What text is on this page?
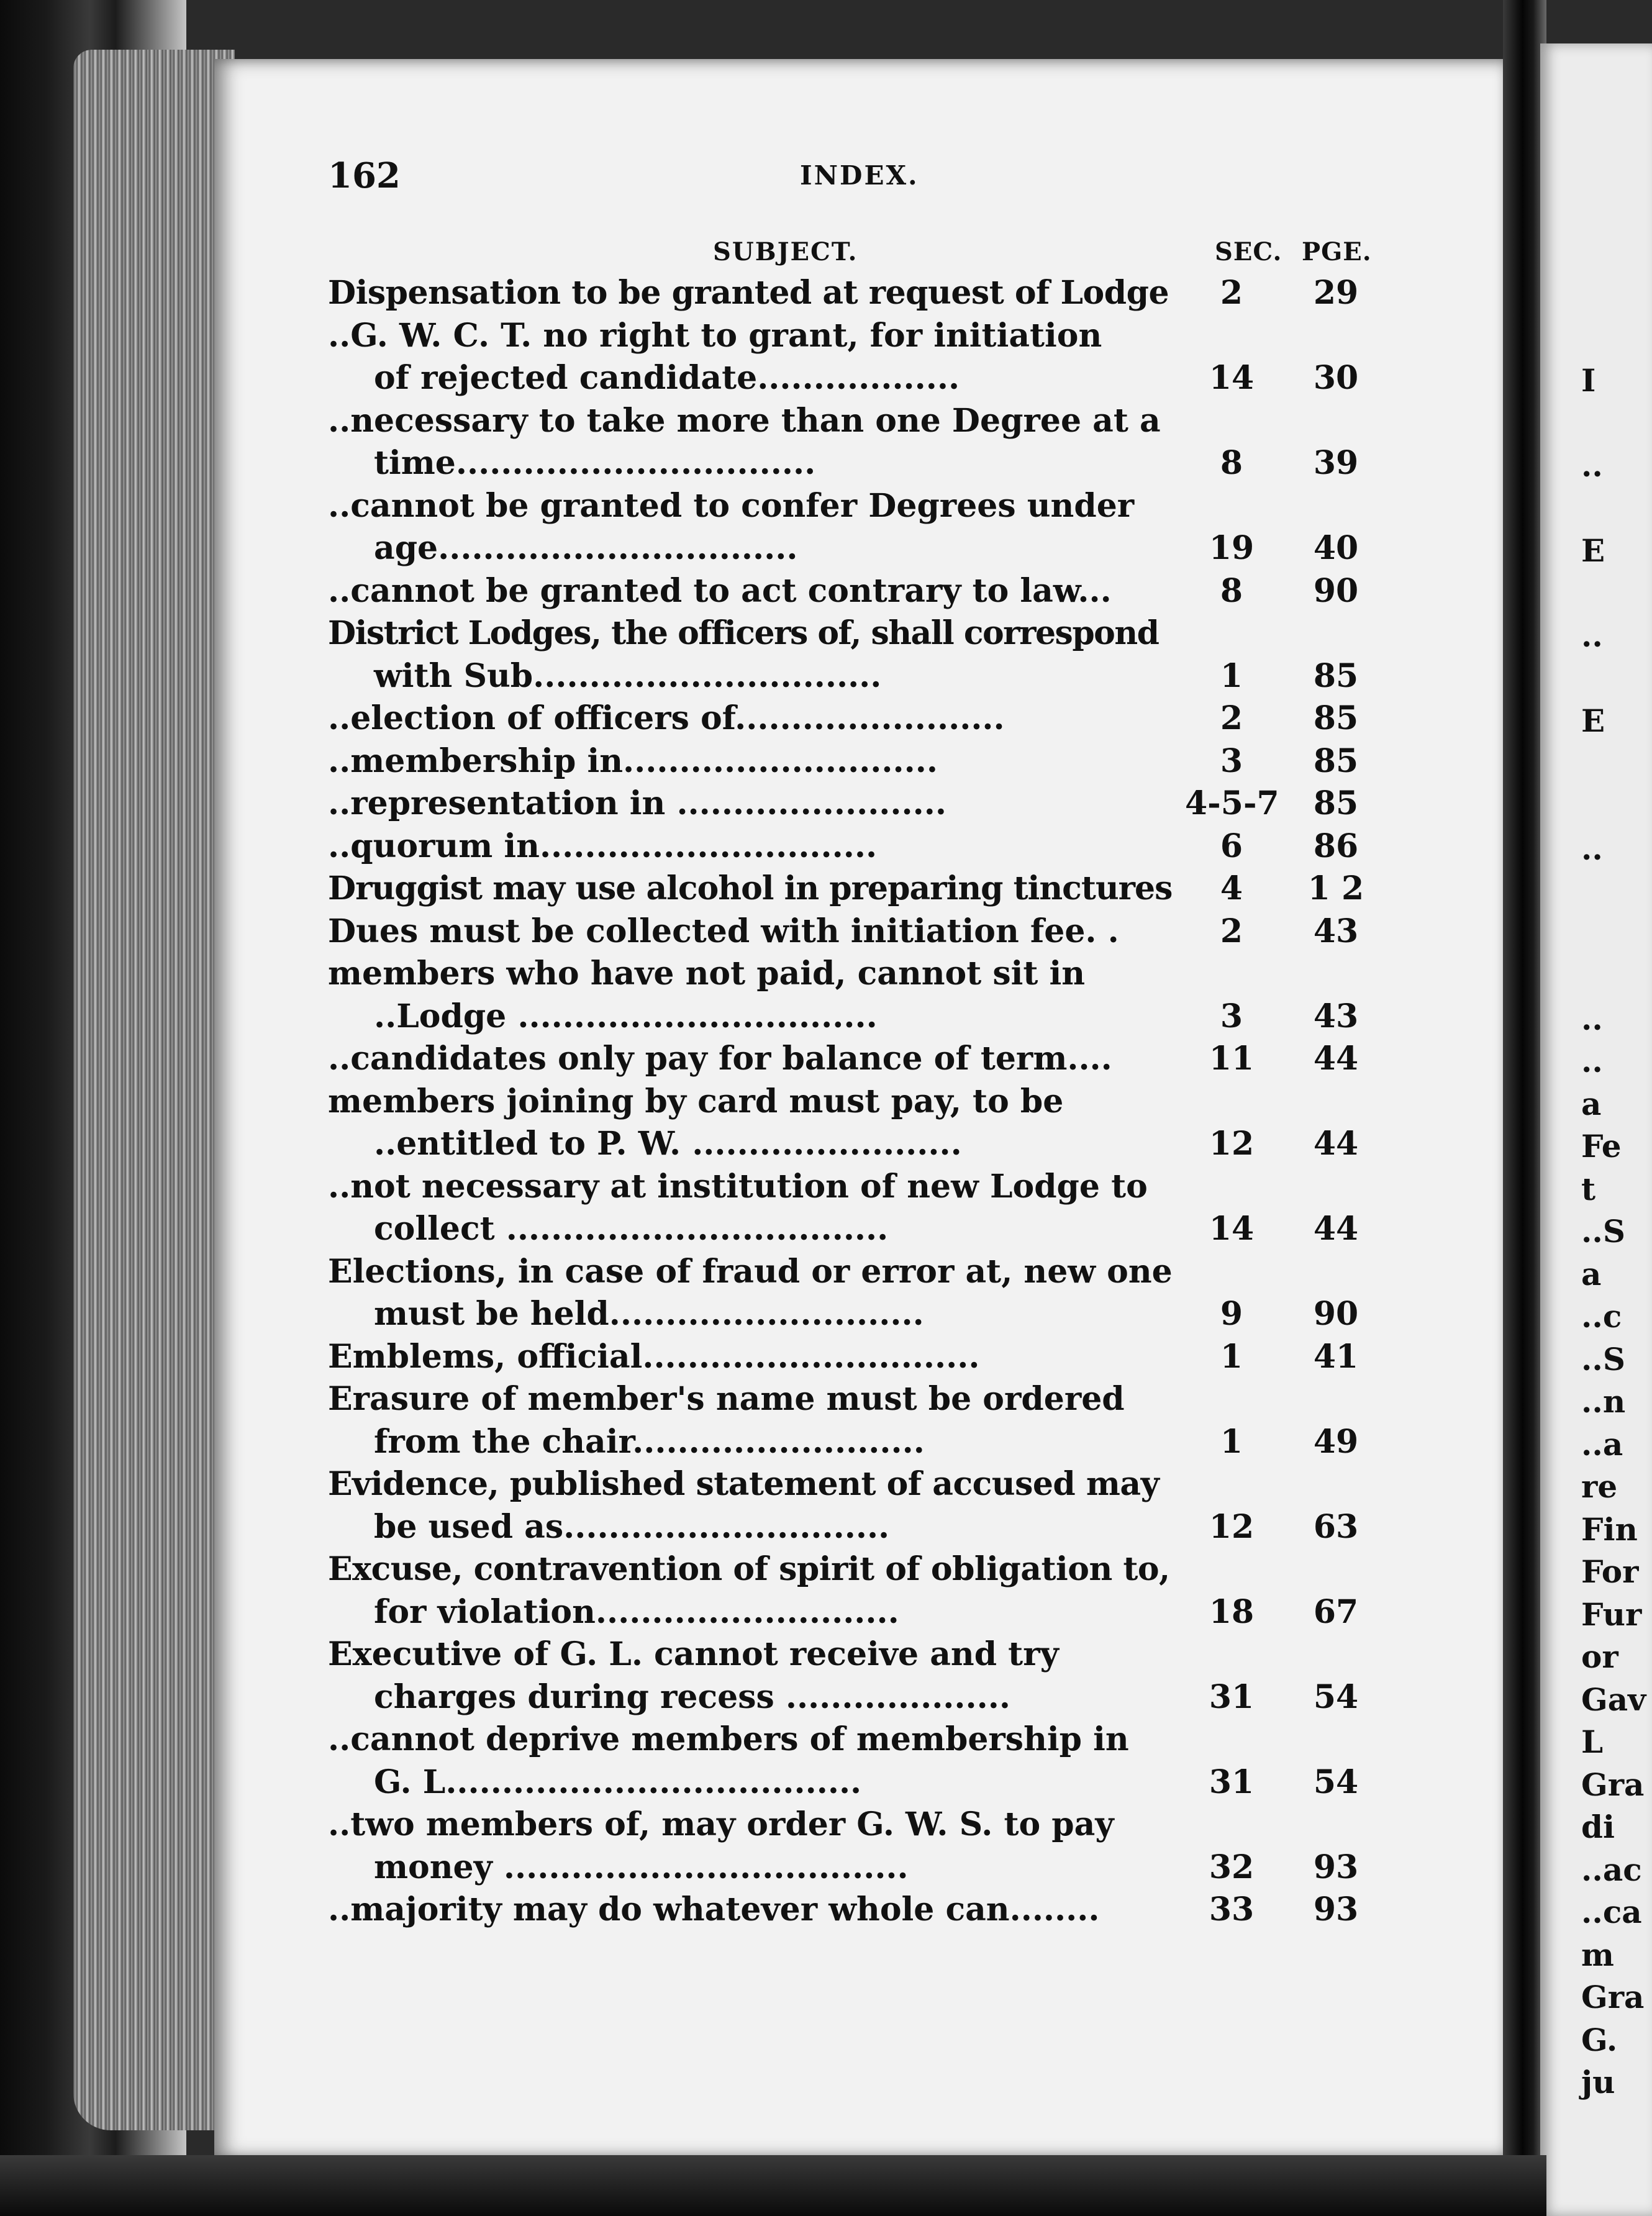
162	INDEX.
SUBJECT.	SEC. PGE.
Dispensation to be granted at request of Lodge	2	29
..G. W. C. T. no right to grant, for initiation
of rejected candidate..................	14	30
..necessary to take more than one Degree at a
time................................	8	39
..cannot be granted to confer Degrees under
age................................	19	40
..cannot be granted to act contrary to law...	8	90
District Lodges, the officers of, shall correspond
with Sub...............................	1	85
..election of officers of........................	2	85
..membership in............................	3	85
..representation in ........................	4-5-7	85
..quorum in..............................	6	86
Druggist may use alcohol in preparing tinctures	4	1 2
Dues must be collected with initiation fee. .	2	43
members who have not paid, cannot sit in
..Lodge ................................	3	43
..candidates only pay for balance of term....	11	44
members joining by card must pay, to be
..entitled to P. W. ........................	12	44
..not necessary at institution of new Lodge to
collect ..................................	14	44
Elections, in case of fraud or error at, new one
must be held............................	9	90
Emblems, official..............................	1	41
Erasure of member's name must be ordered
from the chair..........................	1	49
Evidence, published statement of accused may
be used as.............................	12	63
Excuse, contravention of spirit of obligation to,
for violation...........................	18	67
Executive of G. L. cannot receive and try
charges during recess ....................	31	54
..cannot deprive members of membership in
G. L.....................................	31	54
..two members of, may order G. W. S. to pay
money ....................................	32	93
..majority may do whatever whole can........	33	93
I
..
E
..
E
..
..
..
a
Fe
t
..S
a
..c
..S
..n
..a
re
Fin
For
Fur
or
Gav
L
Gra
di
..ac
..ca
m
Gra
G.
ju
